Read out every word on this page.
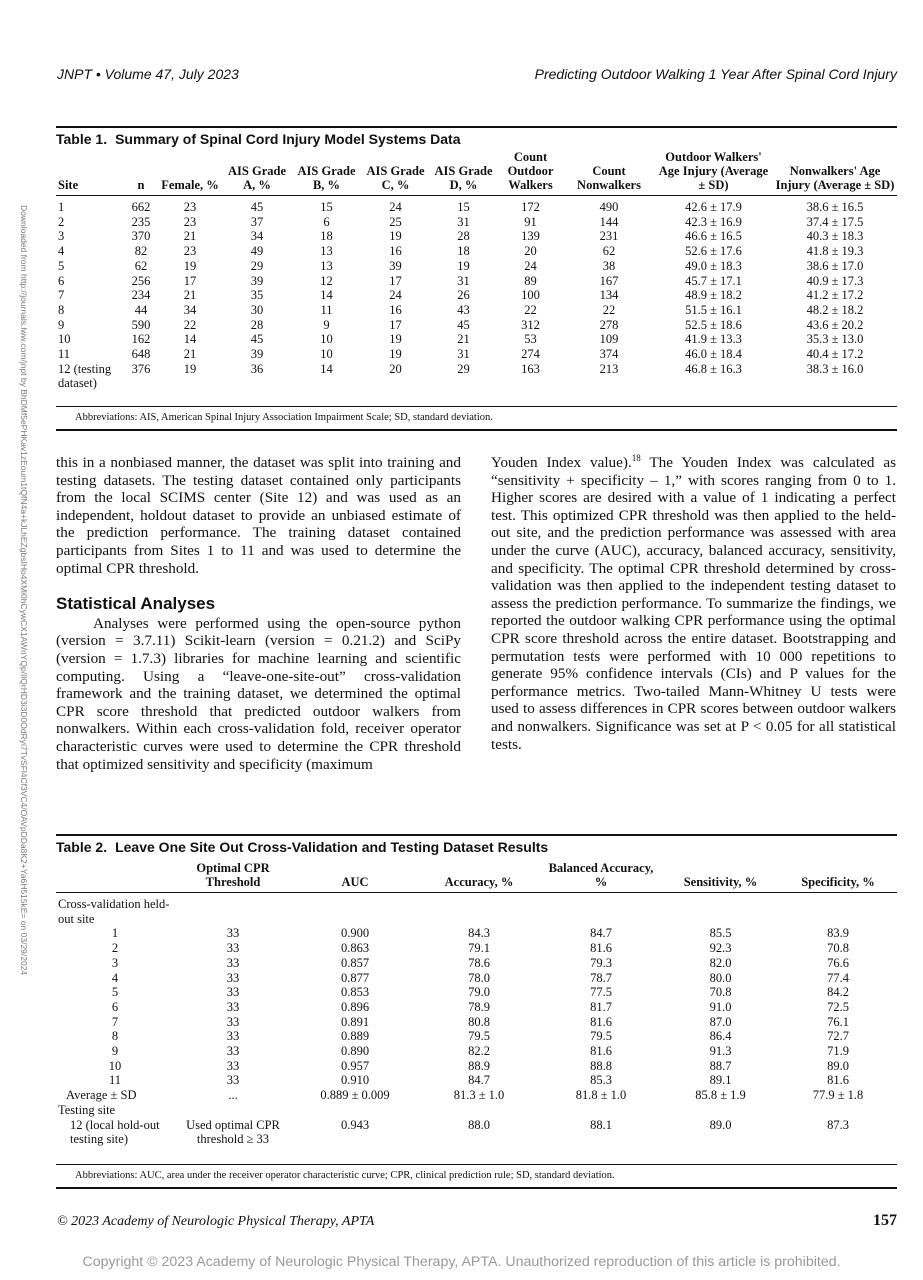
JNPT • Volume 47, July 2023	Predicting Outdoor Walking 1 Year After Spinal Cord Injury
Downloaded from http://journals.lww.com/jnpt by BhDMf5ePHKav1zEoum1tQfN4a+kJLhEZgbsIHo4XMi0hCywCX1AWnYQp/IlQrHD3i3D0OdRyi7TvSFl4Cf3VC4/OAVpDDa8K2+Ya6H515kE= on 03/29/2024
Table 1. Summary of Spinal Cord Injury Model Systems Data
Site	n	Female, %	AIS Grade A, %	AIS Grade B, %	AIS Grade C, %	AIS Grade D, %	Count Outdoor Walkers	Count Nonwalkers	Outdoor Walkers' Age Injury (Average ± SD)	Nonwalkers' Age Injury (Average ± SD)
1	662	23	45	15	24	15	172	490	42.6 ± 17.9	38.6 ± 16.5
2	235	23	37	6	25	31	91	144	42.3 ± 16.9	37.4 ± 17.5
3	370	21	34	18	19	28	139	231	46.6 ± 16.5	40.3 ± 18.3
4	82	23	49	13	16	18	20	62	52.6 ± 17.6	41.8 ± 19.3
5	62	19	29	13	39	19	24	38	49.0 ± 18.3	38.6 ± 17.0
6	256	17	39	12	17	31	89	167	45.7 ± 17.1	40.9 ± 17.3
7	234	21	35	14	24	26	100	134	48.9 ± 18.2	41.2 ± 17.2
8	44	34	30	11	16	43	22	22	51.5 ± 16.1	48.2 ± 18.2
9	590	22	28	9	17	45	312	278	52.5 ± 18.6	43.6 ± 20.2
10	162	14	45	10	19	21	53	109	41.9 ± 13.3	35.3 ± 13.0
11	648	21	39	10	19	31	274	374	46.0 ± 18.4	40.4 ± 17.2
12 (testing dataset)	376	19	36	14	20	29	163	213	46.8 ± 16.3	38.3 ± 16.0
Abbreviations: AIS, American Spinal Injury Association Impairment Scale; SD, standard deviation.

this in a nonbiased manner, the dataset was split into training and testing datasets. The testing dataset contained only participants from the local SCIMS center (Site 12) and was used as an independent, holdout dataset to provide an unbiased estimate of the prediction performance. The training dataset contained participants from Sites 1 to 11 and was used to determine the optimal CPR threshold.

Statistical Analyses

Analyses were performed using the open-source python (version = 3.7.11) Scikit-learn (version = 0.21.2) and SciPy (version = 1.7.3) libraries for machine learning and scientific computing. Using a “leave-one-site-out” cross-validation framework and the training dataset, we determined the optimal CPR score threshold that predicted outdoor walkers from nonwalkers. Within each cross-validation fold, receiver operator characteristic curves were used to determine the CPR threshold that optimized sensitivity and specificity (maximum

Youden Index value).$^{18}$ The Youden Index was calculated as “sensitivity + specificity – 1,” with scores ranging from 0 to 1. Higher scores are desired with a value of 1 indicating a perfect test. This optimized CPR threshold was then applied to the held-out site, and the prediction performance was assessed with area under the curve (AUC), accuracy, balanced accuracy, sensitivity, and specificity. The optimal CPR threshold determined by cross-validation was then applied to the independent testing dataset to assess the prediction performance. To summarize the findings, we reported the outdoor walking CPR performance using the optimal CPR score threshold across the entire dataset. Bootstrapping and permutation tests were performed with 10 000 repetitions to generate 95% confidence intervals (CIs) and P values for the performance metrics. Two-tailed Mann-Whitney U tests were used to assess differences in CPR scores between outdoor walkers and nonwalkers. Significance was set at P < 0.05 for all statistical tests.

Table 2. Leave One Site Out Cross-Validation and Testing Dataset Results
	Optimal CPR Threshold	AUC	Accuracy, %	Balanced Accuracy, %	Sensitivity, %	Specificity, %
Cross-validation held-out site						
1	33	0.900	84.3	84.7	85.5	83.9
2	33	0.863	79.1	81.6	92.3	70.8
3	33	0.857	78.6	79.3	82.0	76.6
4	33	0.877	78.0	78.7	80.0	77.4
5	33	0.853	79.0	77.5	70.8	84.2
6	33	0.896	78.9	81.7	91.0	72.5
7	33	0.891	80.8	81.6	87.0	76.1
8	33	0.889	79.5	79.5	86.4	72.7
9	33	0.890	82.2	81.6	91.3	71.9
10	33	0.957	88.9	88.8	88.7	89.0
11	33	0.910	84.7	85.3	89.1	81.6
Average ± SD	...	0.889 ± 0.009	81.3 ± 1.0	81.8 ± 1.0	85.8 ± 1.9	77.9 ± 1.8
Testing site						
12 (local hold-out testing site)	Used optimal CPR threshold ≥ 33	0.943	88.0	88.1	89.0	87.3
Abbreviations: AUC, area under the receiver operator characteristic curve; CPR, clinical prediction rule; SD, standard deviation.
© 2023 Academy of Neurologic Physical Therapy, APTA	157
Copyright © 2023 Academy of Neurologic Physical Therapy, APTA. Unauthorized reproduction of this article is prohibited.
